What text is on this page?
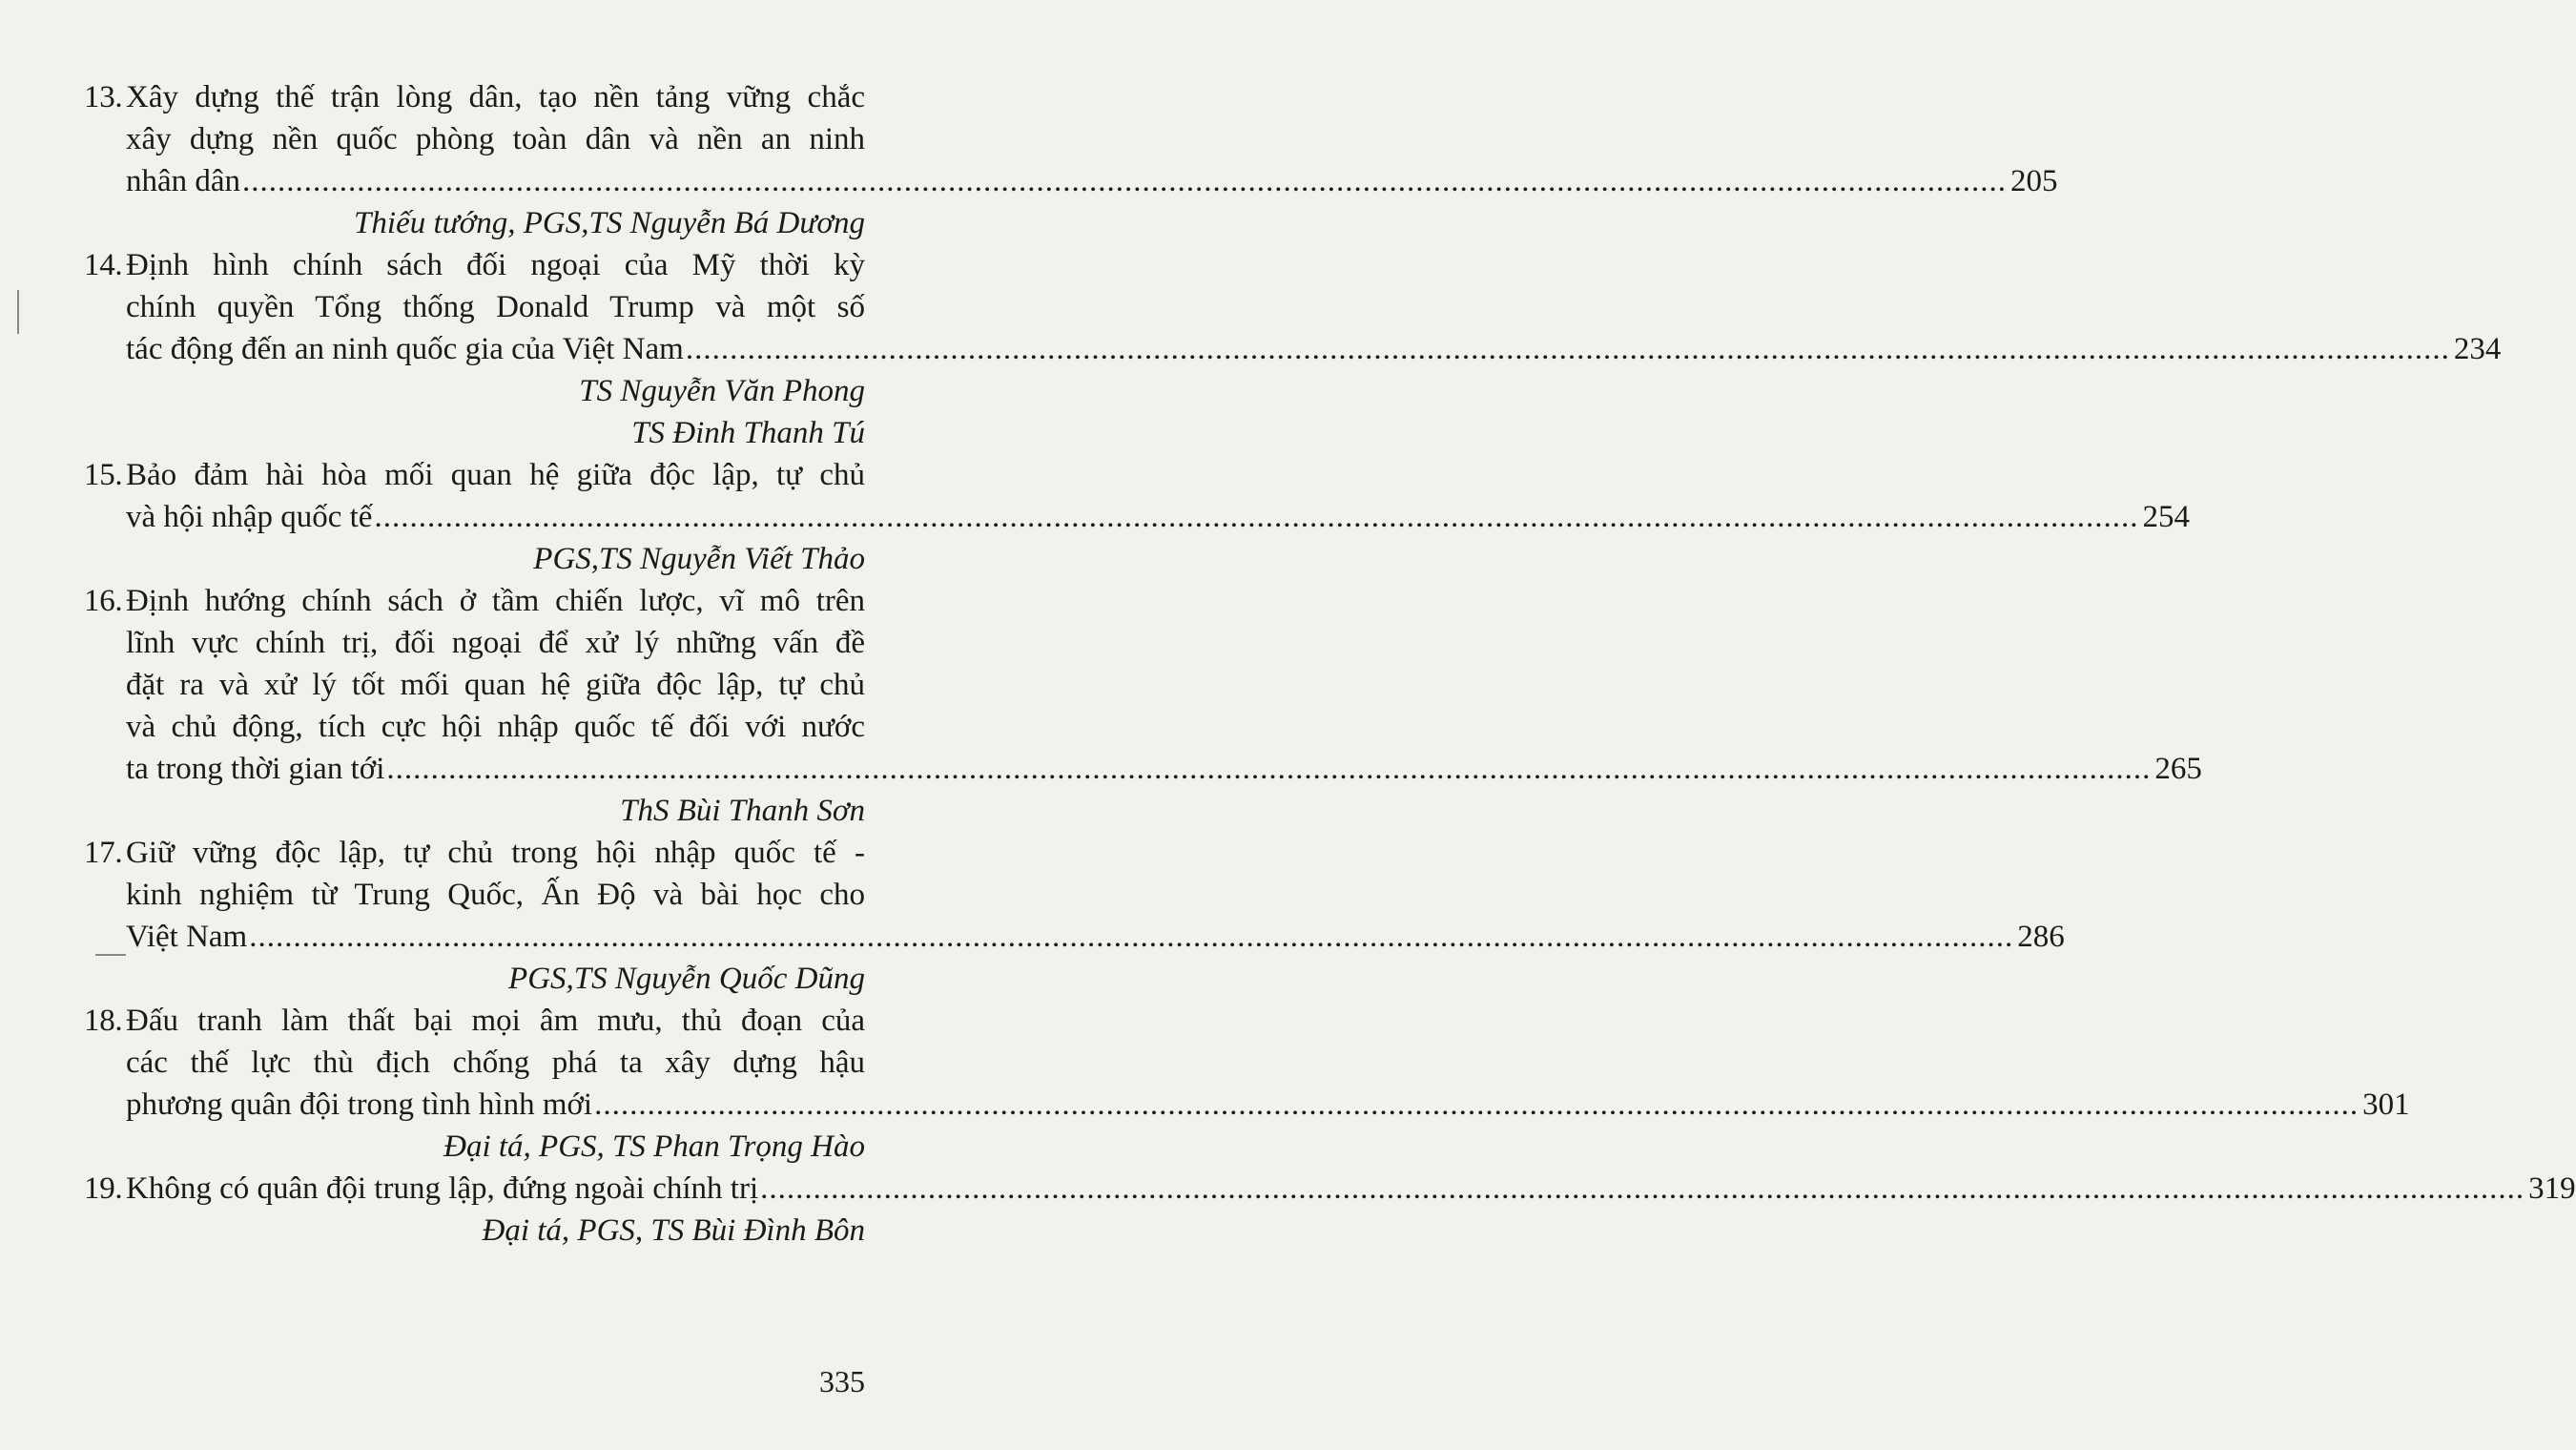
13. Xây dựng thế trận lòng dân, tạo nền tảng vững chắc
xây dựng nền quốc phòng toàn dân và nền an ninh
nhân dân ........................................................................................................................................................................................................ 205
Thiếu tướng, PGS,TS Nguyễn Bá Dương
14. Định hình chính sách đối ngoại của Mỹ thời kỳ
chính quyền Tổng thống Donald Trump và một số
tác động đến an ninh quốc gia của Việt Nam ........................................................................................................................................................................................................ 234
TS Nguyễn Văn Phong
TS Đinh Thanh Tú
15. Bảo đảm hài hòa mối quan hệ giữa độc lập, tự chủ
và hội nhập quốc tế ........................................................................................................................................................................................................ 254
PGS,TS Nguyễn Viết Thảo
16. Định hướng chính sách ở tầm chiến lược, vĩ mô trên
lĩnh vực chính trị, đối ngoại để xử lý những vấn đề
đặt ra và xử lý tốt mối quan hệ giữa độc lập, tự chủ
và chủ động, tích cực hội nhập quốc tế đối với nước
ta trong thời gian tới ........................................................................................................................................................................................................ 265
ThS Bùi Thanh Sơn
17. Giữ vững độc lập, tự chủ trong hội nhập quốc tế -
kinh nghiệm từ Trung Quốc, Ấn Độ và bài học cho
Việt Nam ........................................................................................................................................................................................................ 286
PGS,TS Nguyễn Quốc Dũng
18. Đấu tranh làm thất bại mọi âm mưu, thủ đoạn của
các thế lực thù địch chống phá ta xây dựng hậu
phương quân đội trong tình hình mới ........................................................................................................................................................................................................ 301
Đại tá, PGS, TS Phan Trọng Hào
19. Không có quân đội trung lập, đứng ngoài chính trị ........................................................................................................................................................................................................ 319
Đại tá, PGS, TS Bùi Đình Bôn
335
